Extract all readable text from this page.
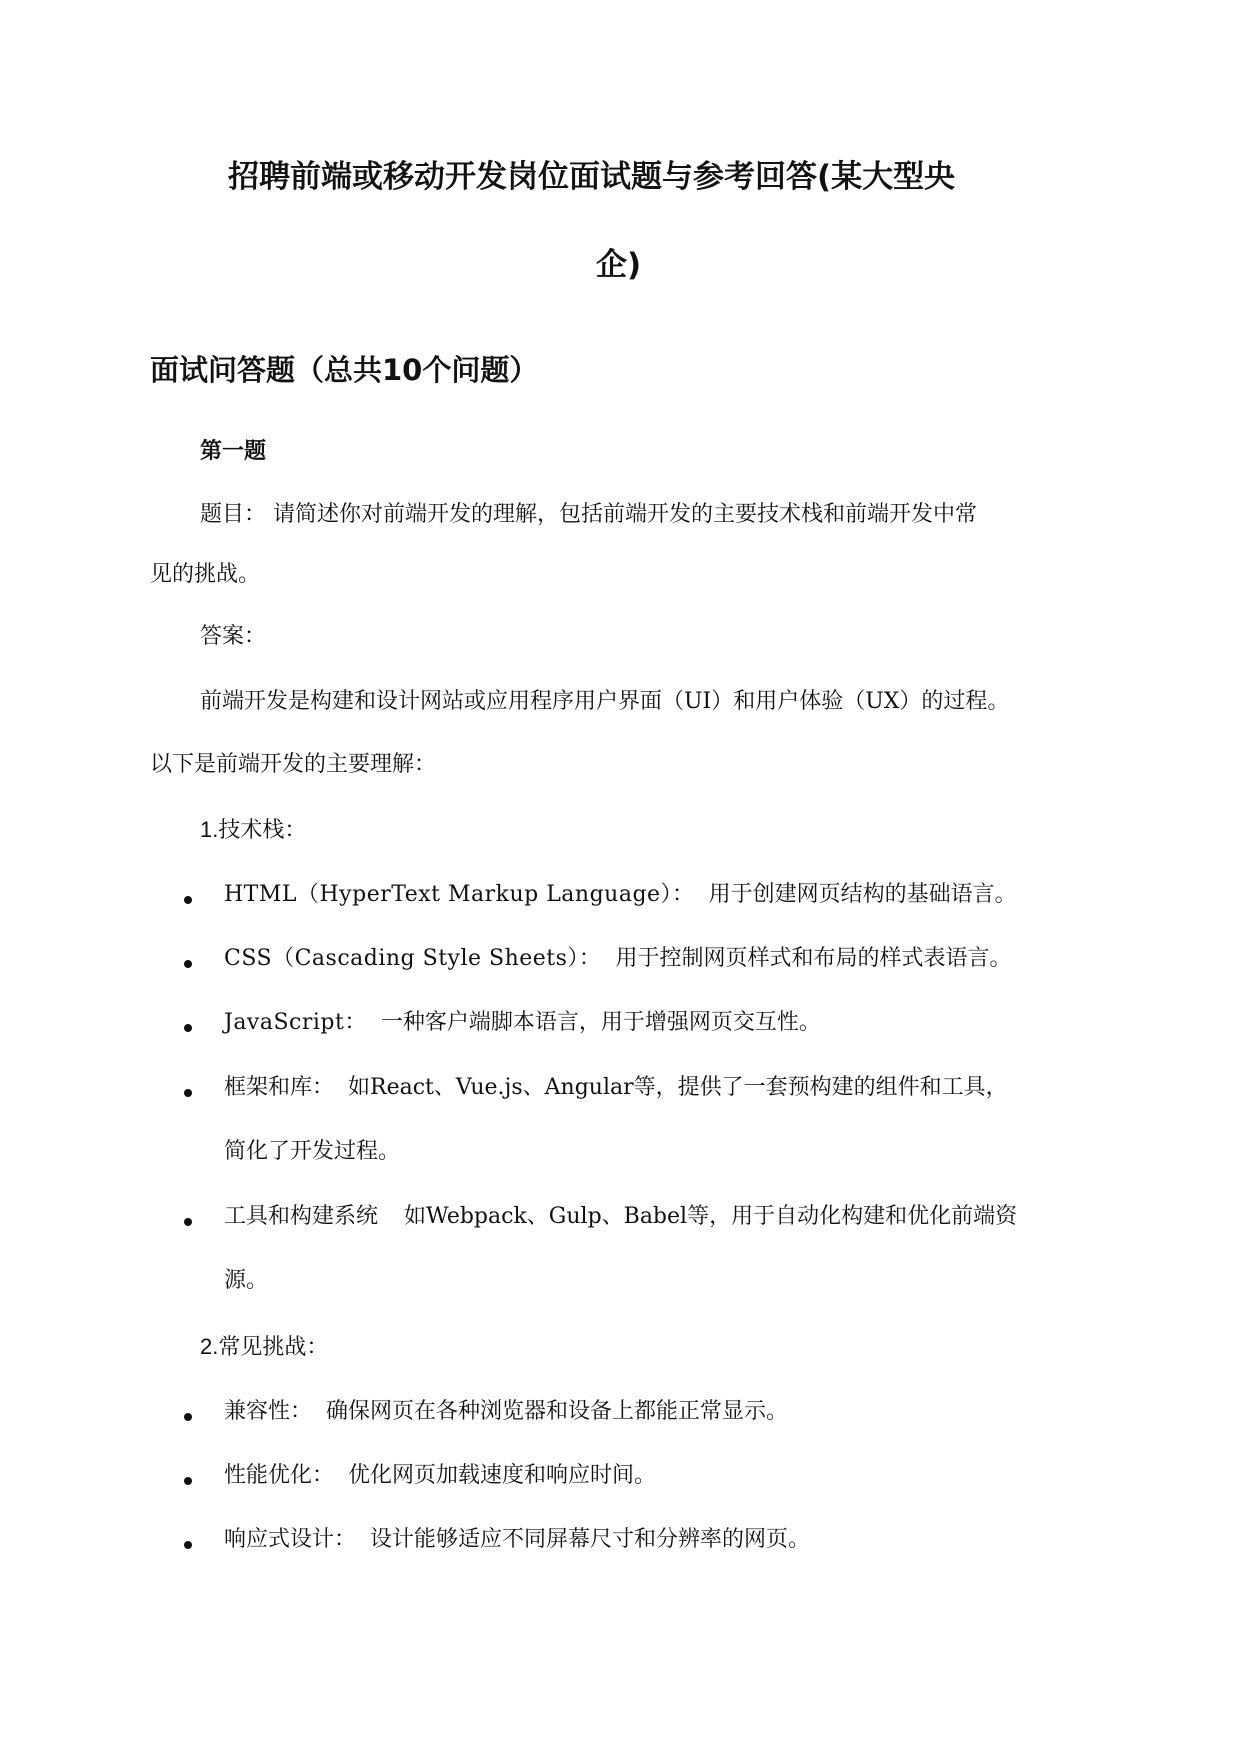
招聘前端或移动开发岗位面试题与参考回答(某大型央
企)
面试问答题（总共10个问题）
第一题
题目： 请简述你对前端开发的理解，包括前端开发的主要技术栈和前端开发中常
见的挑战。
答案：
前端开发是构建和设计网站或应用程序用户界面（UI）和用户体验（UX）的过程。
以下是前端开发的主要理解：
1.技术栈：
HTML（HyperText Markup Language）： 用于创建网页结构的基础语言。
CSS（Cascading Style Sheets）： 用于控制网页样式和布局的样式表语言。
JavaScript： 一种客户端脚本语言，用于增强网页交互性。
框架和库： 如React、Vue.js、Angular等，提供了一套预构建的组件和工具，
简化了开发过程。
工具和构建系统 如Webpack、Gulp、Babel等，用于自动化构建和优化前端资
源。
2.常见挑战：
兼容性： 确保网页在各种浏览器和设备上都能正常显示。
性能优化： 优化网页加载速度和响应时间。
响应式设计： 设计能够适应不同屏幕尺寸和分辨率的网页。
